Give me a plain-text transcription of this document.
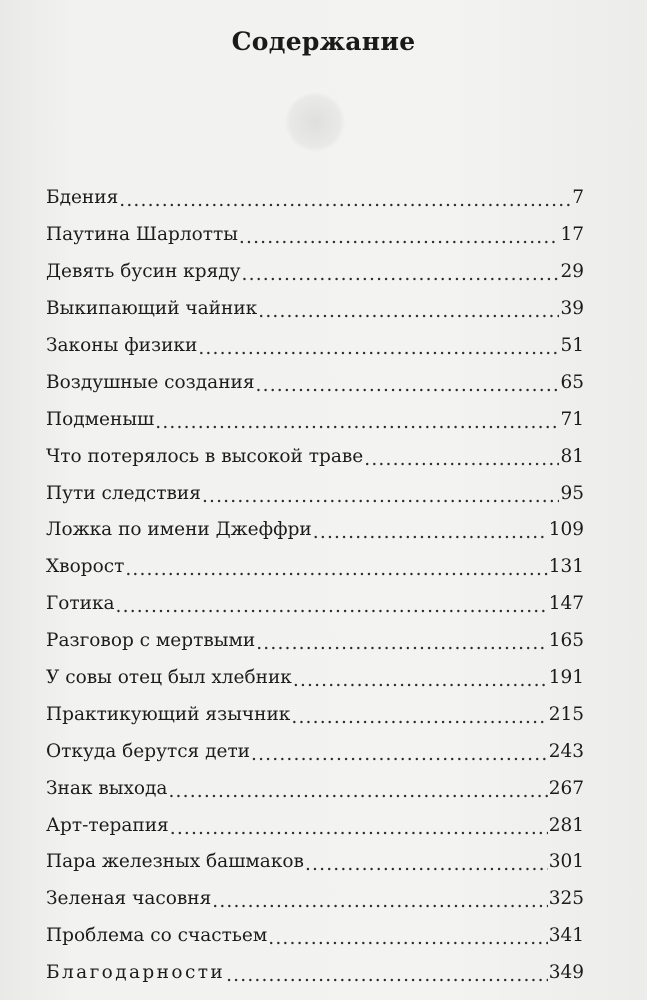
Содержание
Бдения .....	7
Паутина Шарлотты .....	17
Девять бусин кряду .....	29
Выкипающий чайник .....	39
Законы физики .....	51
Воздушные создания .....	65
Подменыш .....	71
Что потерялось в высокой траве .....	81
Пути следствия .....	95
Ложка по имени Джеффри .....	109
Хворост .....	131
Готика .....	147
Разговор с мертвыми .....	165
У совы отец был хлебник .....	191
Практикующий язычник .....	215
Откуда берутся дети .....	243
Знак выхода .....	267
Арт-терапия .....	281
Пара железных башмаков .....	301
Зеленая часовня .....	325
Проблема со счастьем .....	341
Благодарности .....	349
